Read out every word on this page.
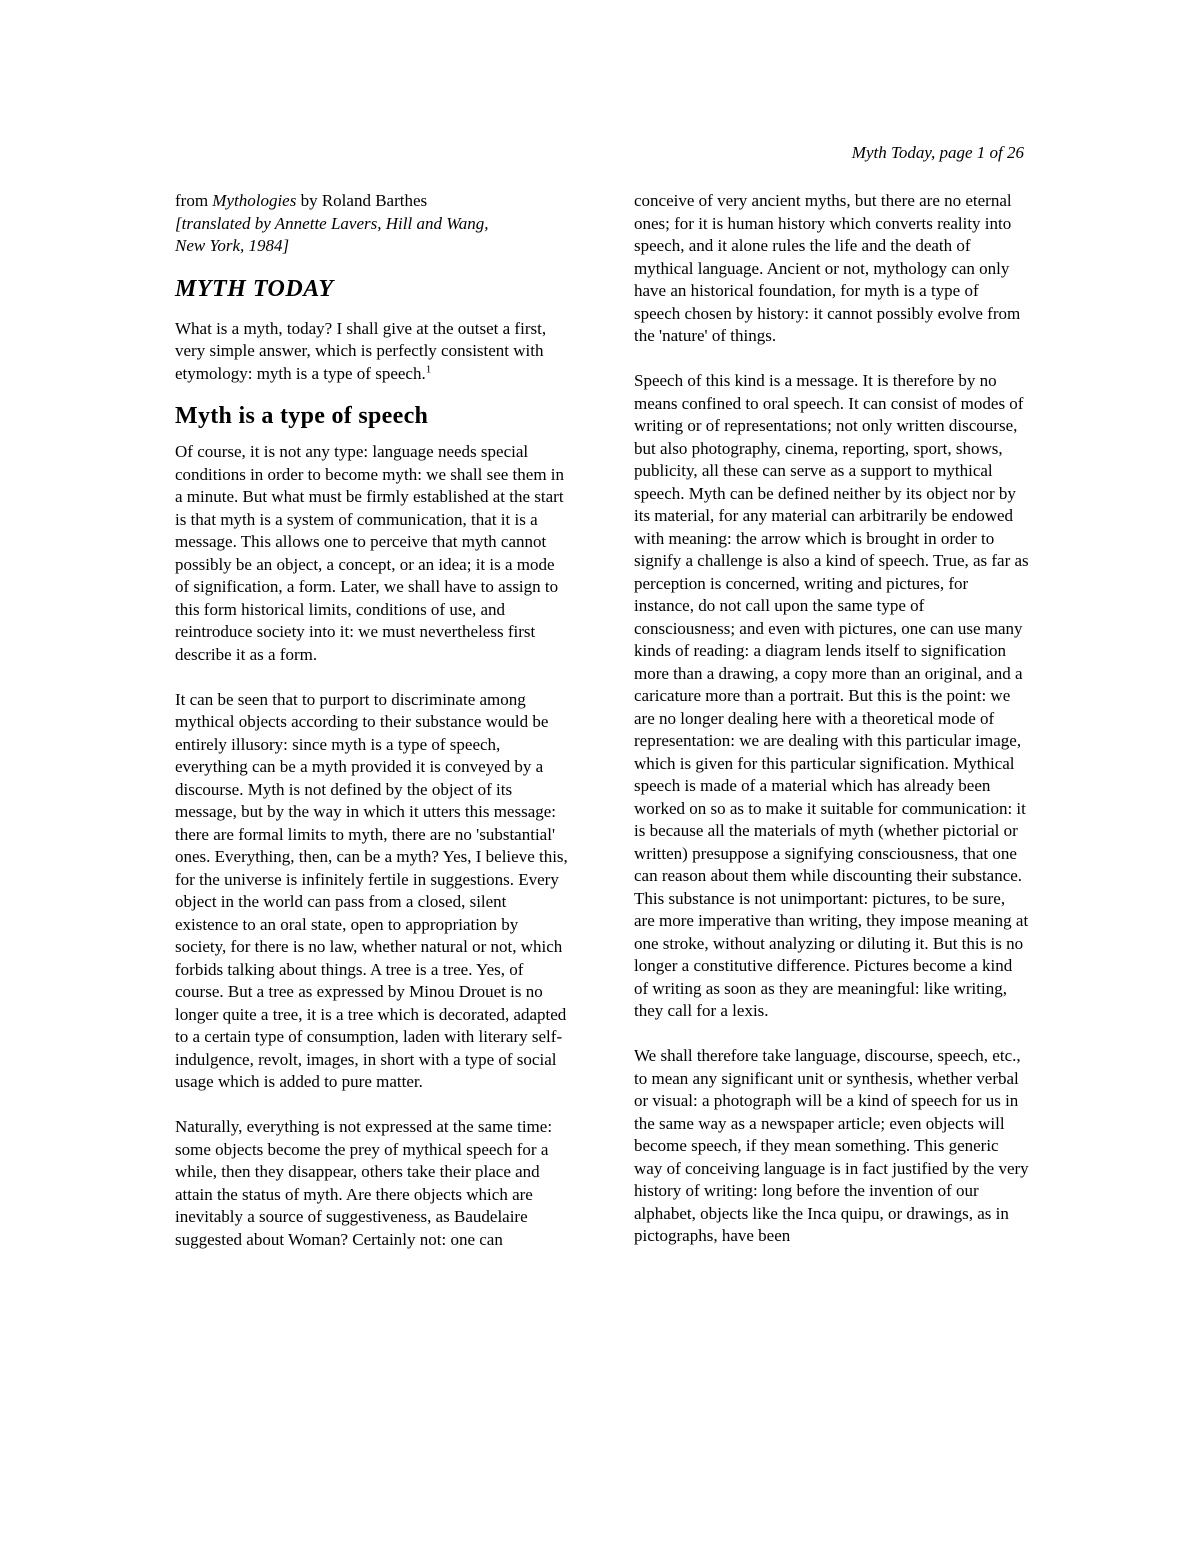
Myth Today, page 1 of 26

from Mythologies by Roland Barthes

[translated by Annette Lavers, Hill and Wang,
New York, 1984]

MYTH TODAY

What is a myth, today? I shall give at the outset a first, very simple answer, which is perfectly consistent with etymology: myth is a type of speech.$^1$

Myth is a type of speech

Of course, it is not any type: language needs special conditions in order to become myth: we shall see them in a minute. But what must be firmly established at the start is that myth is a system of communication, that it is a message. This allows one to perceive that myth cannot possibly be an object, a concept, or an idea; it is a mode of signification, a form. Later, we shall have to assign to this form historical limits, conditions of use, and reintroduce society into it: we must nevertheless first describe it as a form.

It can be seen that to purport to discriminate among mythical objects according to their substance would be entirely illusory: since myth is a type of speech, everything can be a myth provided it is conveyed by a discourse. Myth is not defined by the object of its message, but by the way in which it utters this message: there are formal limits to myth, there are no 'substantial' ones. Everything, then, can be a myth? Yes, I believe this, for the universe is infinitely fertile in suggestions. Every object in the world can pass from a closed, silent existence to an oral state, open to appropriation by society, for there is no law, whether natural or not, which forbids talking about things. A tree is a tree. Yes, of course. But a tree as expressed by Minou Drouet is no longer quite a tree, it is a tree which is decorated, adapted to a certain type of consumption, laden with literary self-indulgence, revolt, images, in short with a type of social usage which is added to pure matter.

Naturally, everything is not expressed at the same time: some objects become the prey of mythical speech for a while, then they disappear, others take their place and attain the status of myth. Are there objects which are inevitably a source of suggestiveness, as Baudelaire suggested about Woman? Certainly not: one can

conceive of very ancient myths, but there are no eternal ones; for it is human history which converts reality into speech, and it alone rules the life and the death of mythical language. Ancient or not, mythology can only have an historical foundation, for myth is a type of speech chosen by history: it cannot possibly evolve from the 'nature' of things.

Speech of this kind is a message. It is therefore by no means confined to oral speech. It can consist of modes of writing or of representations; not only written discourse, but also photography, cinema, reporting, sport, shows, publicity, all these can serve as a support to mythical speech. Myth can be defined neither by its object nor by its material, for any material can arbitrarily be endowed with meaning: the arrow which is brought in order to signify a challenge is also a kind of speech. True, as far as perception is concerned, writing and pictures, for instance, do not call upon the same type of consciousness; and even with pictures, one can use many kinds of reading: a diagram lends itself to signification more than a drawing, a copy more than an original, and a caricature more than a portrait. But this is the point: we are no longer dealing here with a theoretical mode of representation: we are dealing with this particular image, which is given for this particular signification. Mythical speech is made of a material which has already been worked on so as to make it suitable for communication: it is because all the materials of myth (whether pictorial or written) presuppose a signifying consciousness, that one can reason about them while discounting their substance. This substance is not unimportant: pictures, to be sure, are more imperative than writing, they impose meaning at one stroke, without analyzing or diluting it. But this is no longer a constitutive difference. Pictures become a kind of writing as soon as they are meaningful: like writing, they call for a lexis.

We shall therefore take language, discourse, speech, etc., to mean any significant unit or synthesis, whether verbal or visual: a photograph will be a kind of speech for us in the same way as a newspaper article; even objects will become speech, if they mean something. This generic way of conceiving language is in fact justified by the very history of writing: long before the invention of our alphabet, objects like the Inca quipu, or drawings, as in pictographs, have been
